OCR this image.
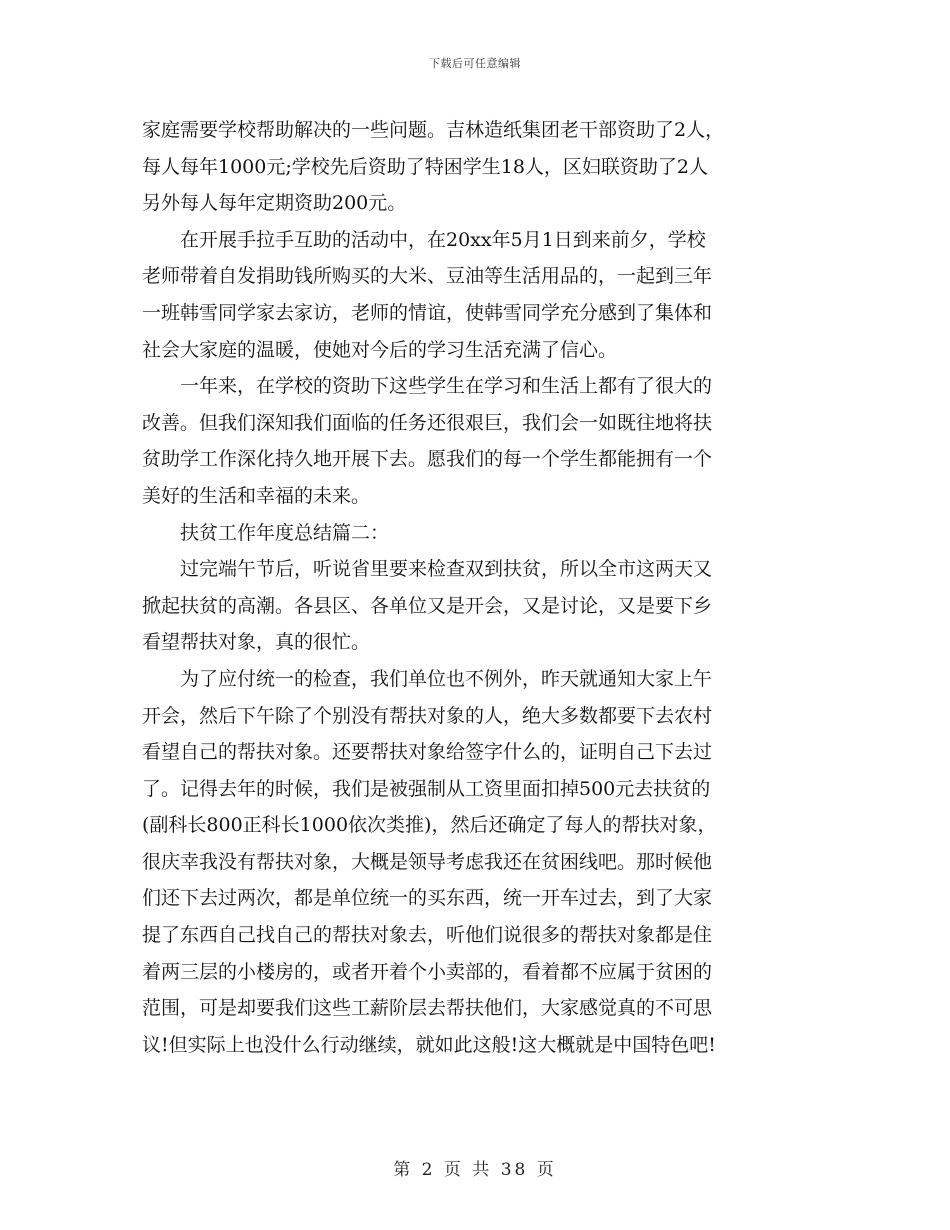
下载后可任意编辑
家庭需要学校帮助解决的一些问题。吉林造纸集团老干部资助了2人，
每人每年1000元;学校先后资助了特困学生18人，区妇联资助了2人
另外每人每年定期资助200元。
　　在开展手拉手互助的活动中，在20xx年5月1日到来前夕，学校
老师带着自发捐助钱所购买的大米、豆油等生活用品的，一起到三年
一班韩雪同学家去家访，老师的情谊，使韩雪同学充分感到了集体和
社会大家庭的温暖，使她对今后的学习生活充满了信心。
　　一年来，在学校的资助下这些学生在学习和生活上都有了很大的
改善。但我们深知我们面临的任务还很艰巨，我们会一如既往地将扶
贫助学工作深化持久地开展下去。愿我们的每一个学生都能拥有一个
美好的生活和幸福的未来。
　　扶贫工作年度总结篇二：
　　过完端午节后，听说省里要来检查双到扶贫，所以全市这两天又
掀起扶贫的高潮。各县区、各单位又是开会，又是讨论，又是要下乡
看望帮扶对象，真的很忙。
　　为了应付统一的检查，我们单位也不例外，昨天就通知大家上午
开会，然后下午除了个别没有帮扶对象的人，绝大多数都要下去农村
看望自己的帮扶对象。还要帮扶对象给签字什么的，证明自己下去过
了。记得去年的时候，我们是被强制从工资里面扣掉500元去扶贫的
(副科长800正科长1000依次类推)，然后还确定了每人的帮扶对象，
很庆幸我没有帮扶对象，大概是领导考虑我还在贫困线吧。那时候他
们还下去过两次，都是单位统一的买东西，统一开车过去，到了大家
提了东西自己找自己的帮扶对象去，听他们说很多的帮扶对象都是住
着两三层的小楼房的，或者开着个小卖部的，看着都不应属于贫困的
范围，可是却要我们这些工薪阶层去帮扶他们，大家感觉真的不可思
议!但实际上也没什么行动继续，就如此这般!这大概就是中国特色吧!
第 2 页 共 38 页
